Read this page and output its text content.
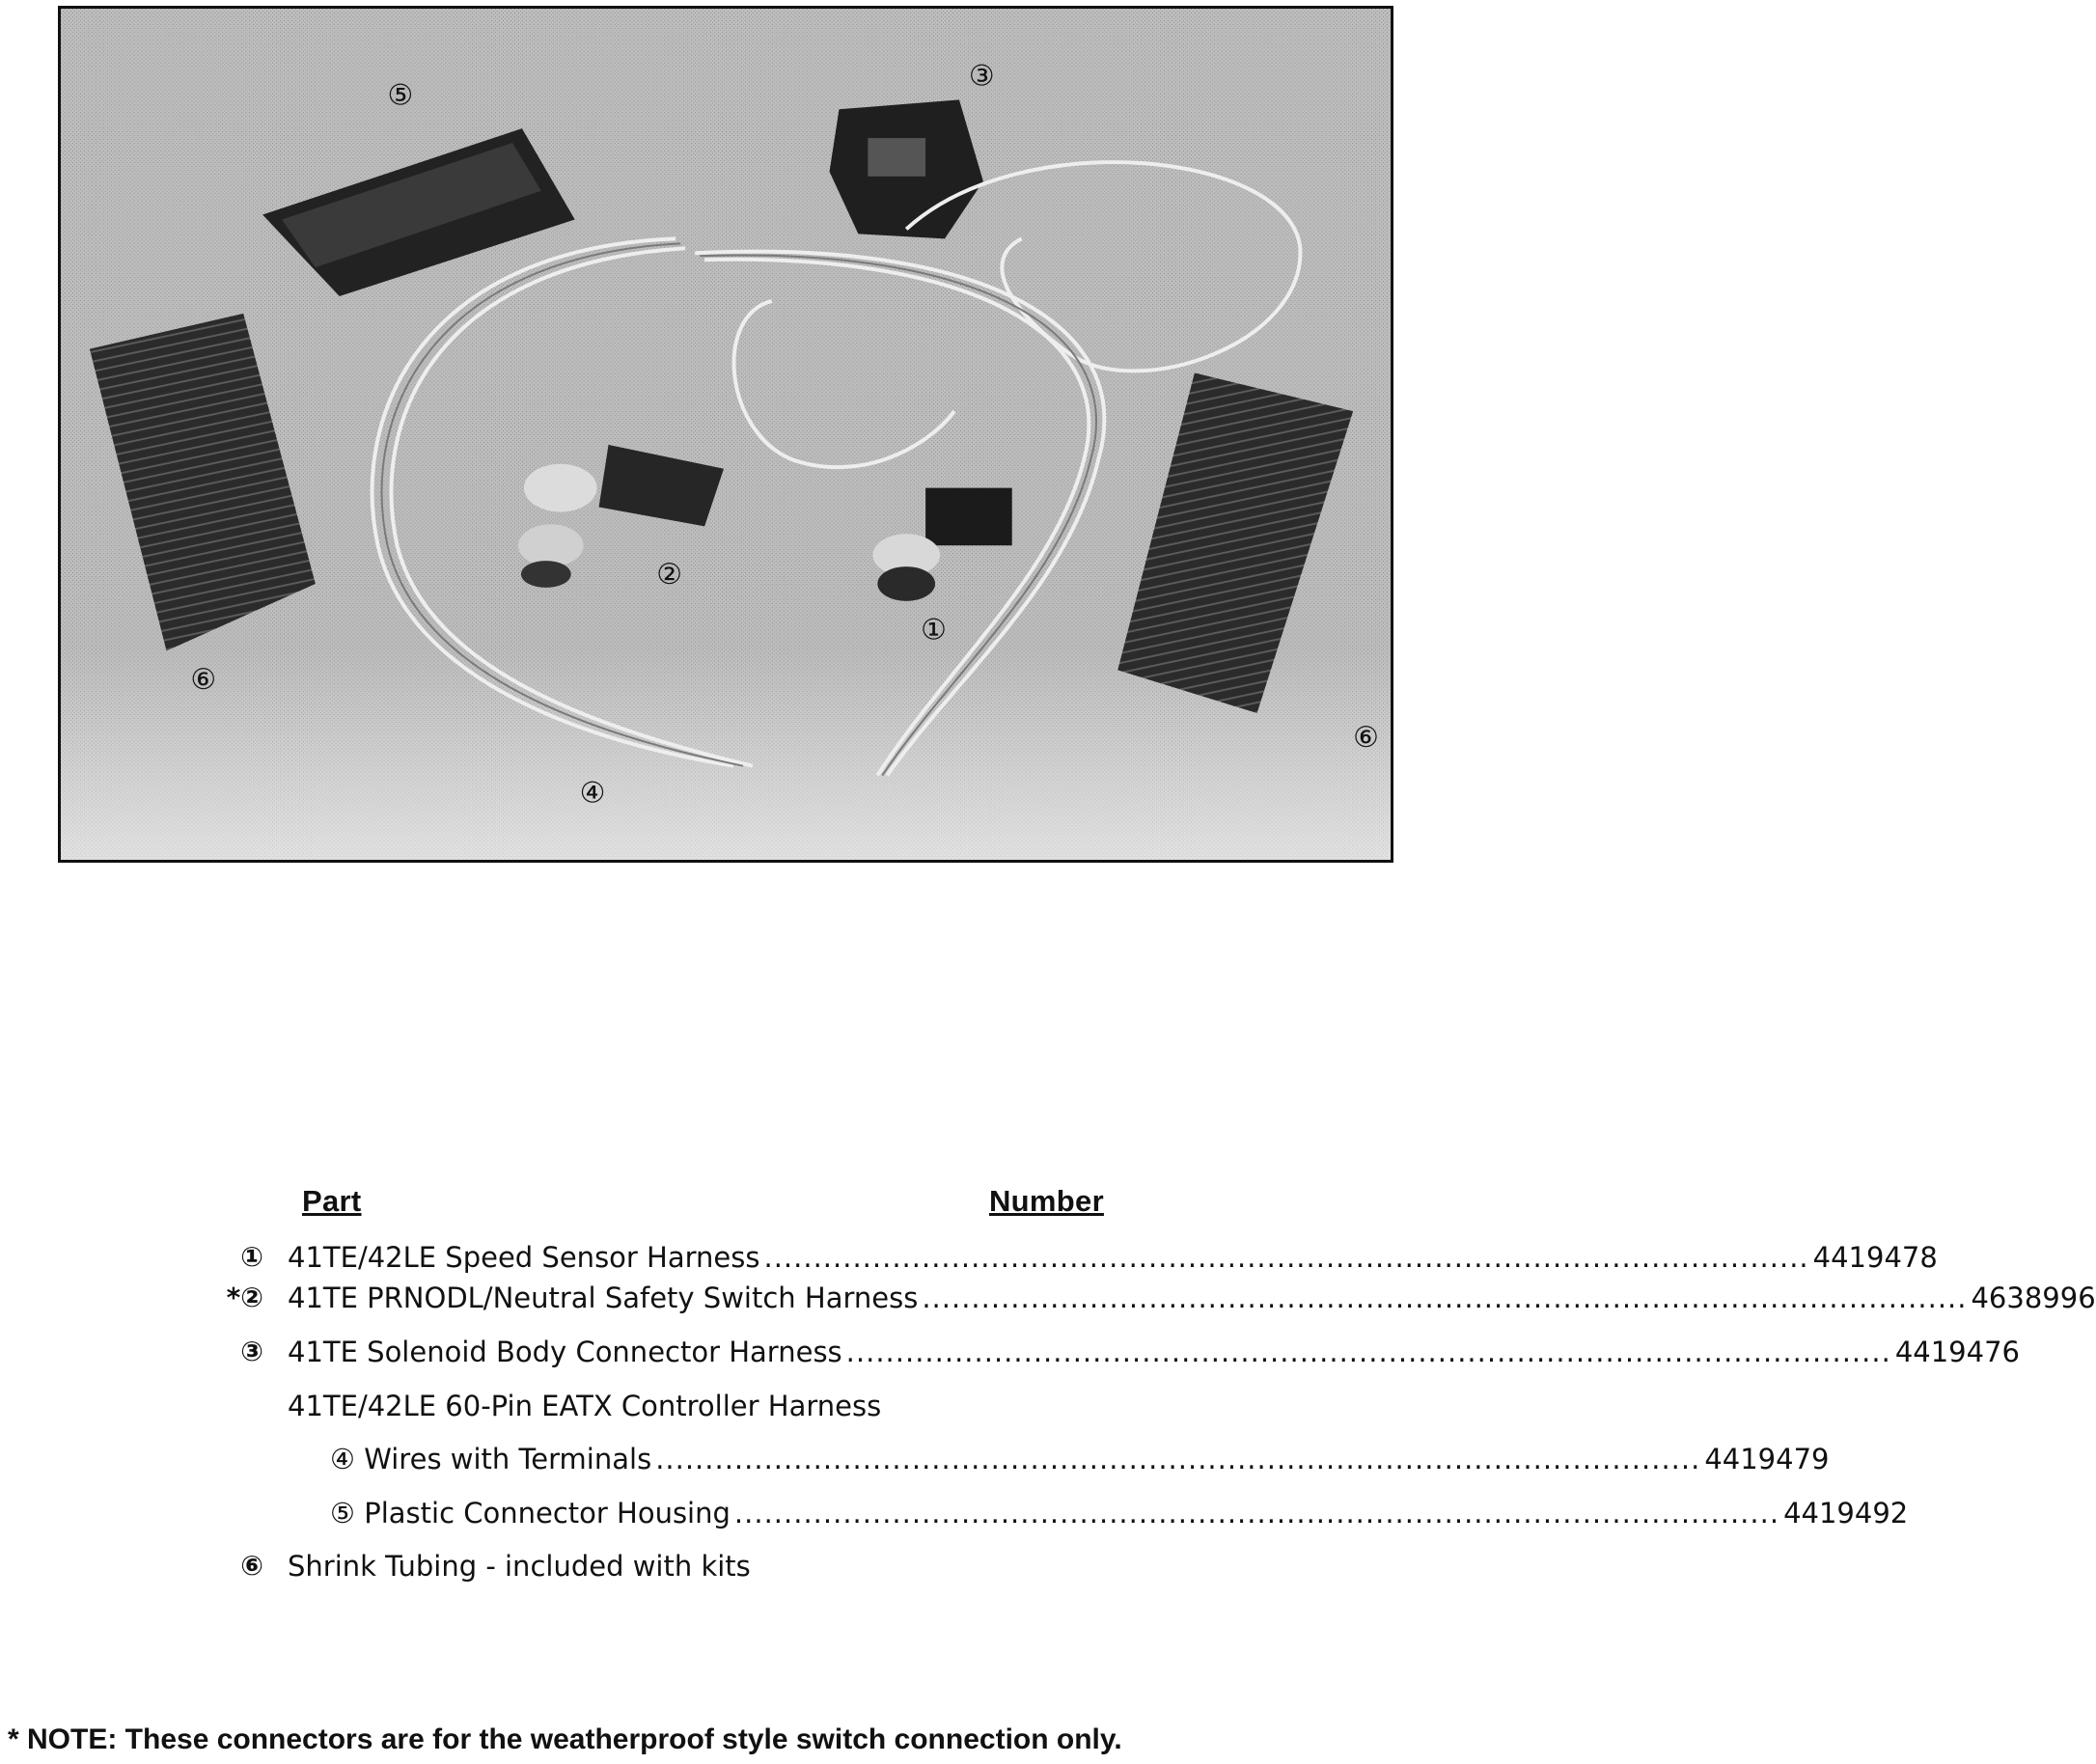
①
②
③
④
⑤
⑥
⑥
Part	Number
① 41TE/42LE Speed Sensor Harness .......................................................................................................... 4419478
*② 41TE PRNODL/Neutral Safety Switch Harness .......................................................................................................... 4638996
③ 41TE Solenoid Body Connector Harness .......................................................................................................... 4419476
41TE/42LE 60-Pin EATX Controller Harness
④ Wires with Terminals .......................................................................................................... 4419479
⑤ Plastic Connector Housing .......................................................................................................... 4419492
⑥ Shrink Tubing - included with kits
* NOTE: These connectors are for the weatherproof style switch connection only.
